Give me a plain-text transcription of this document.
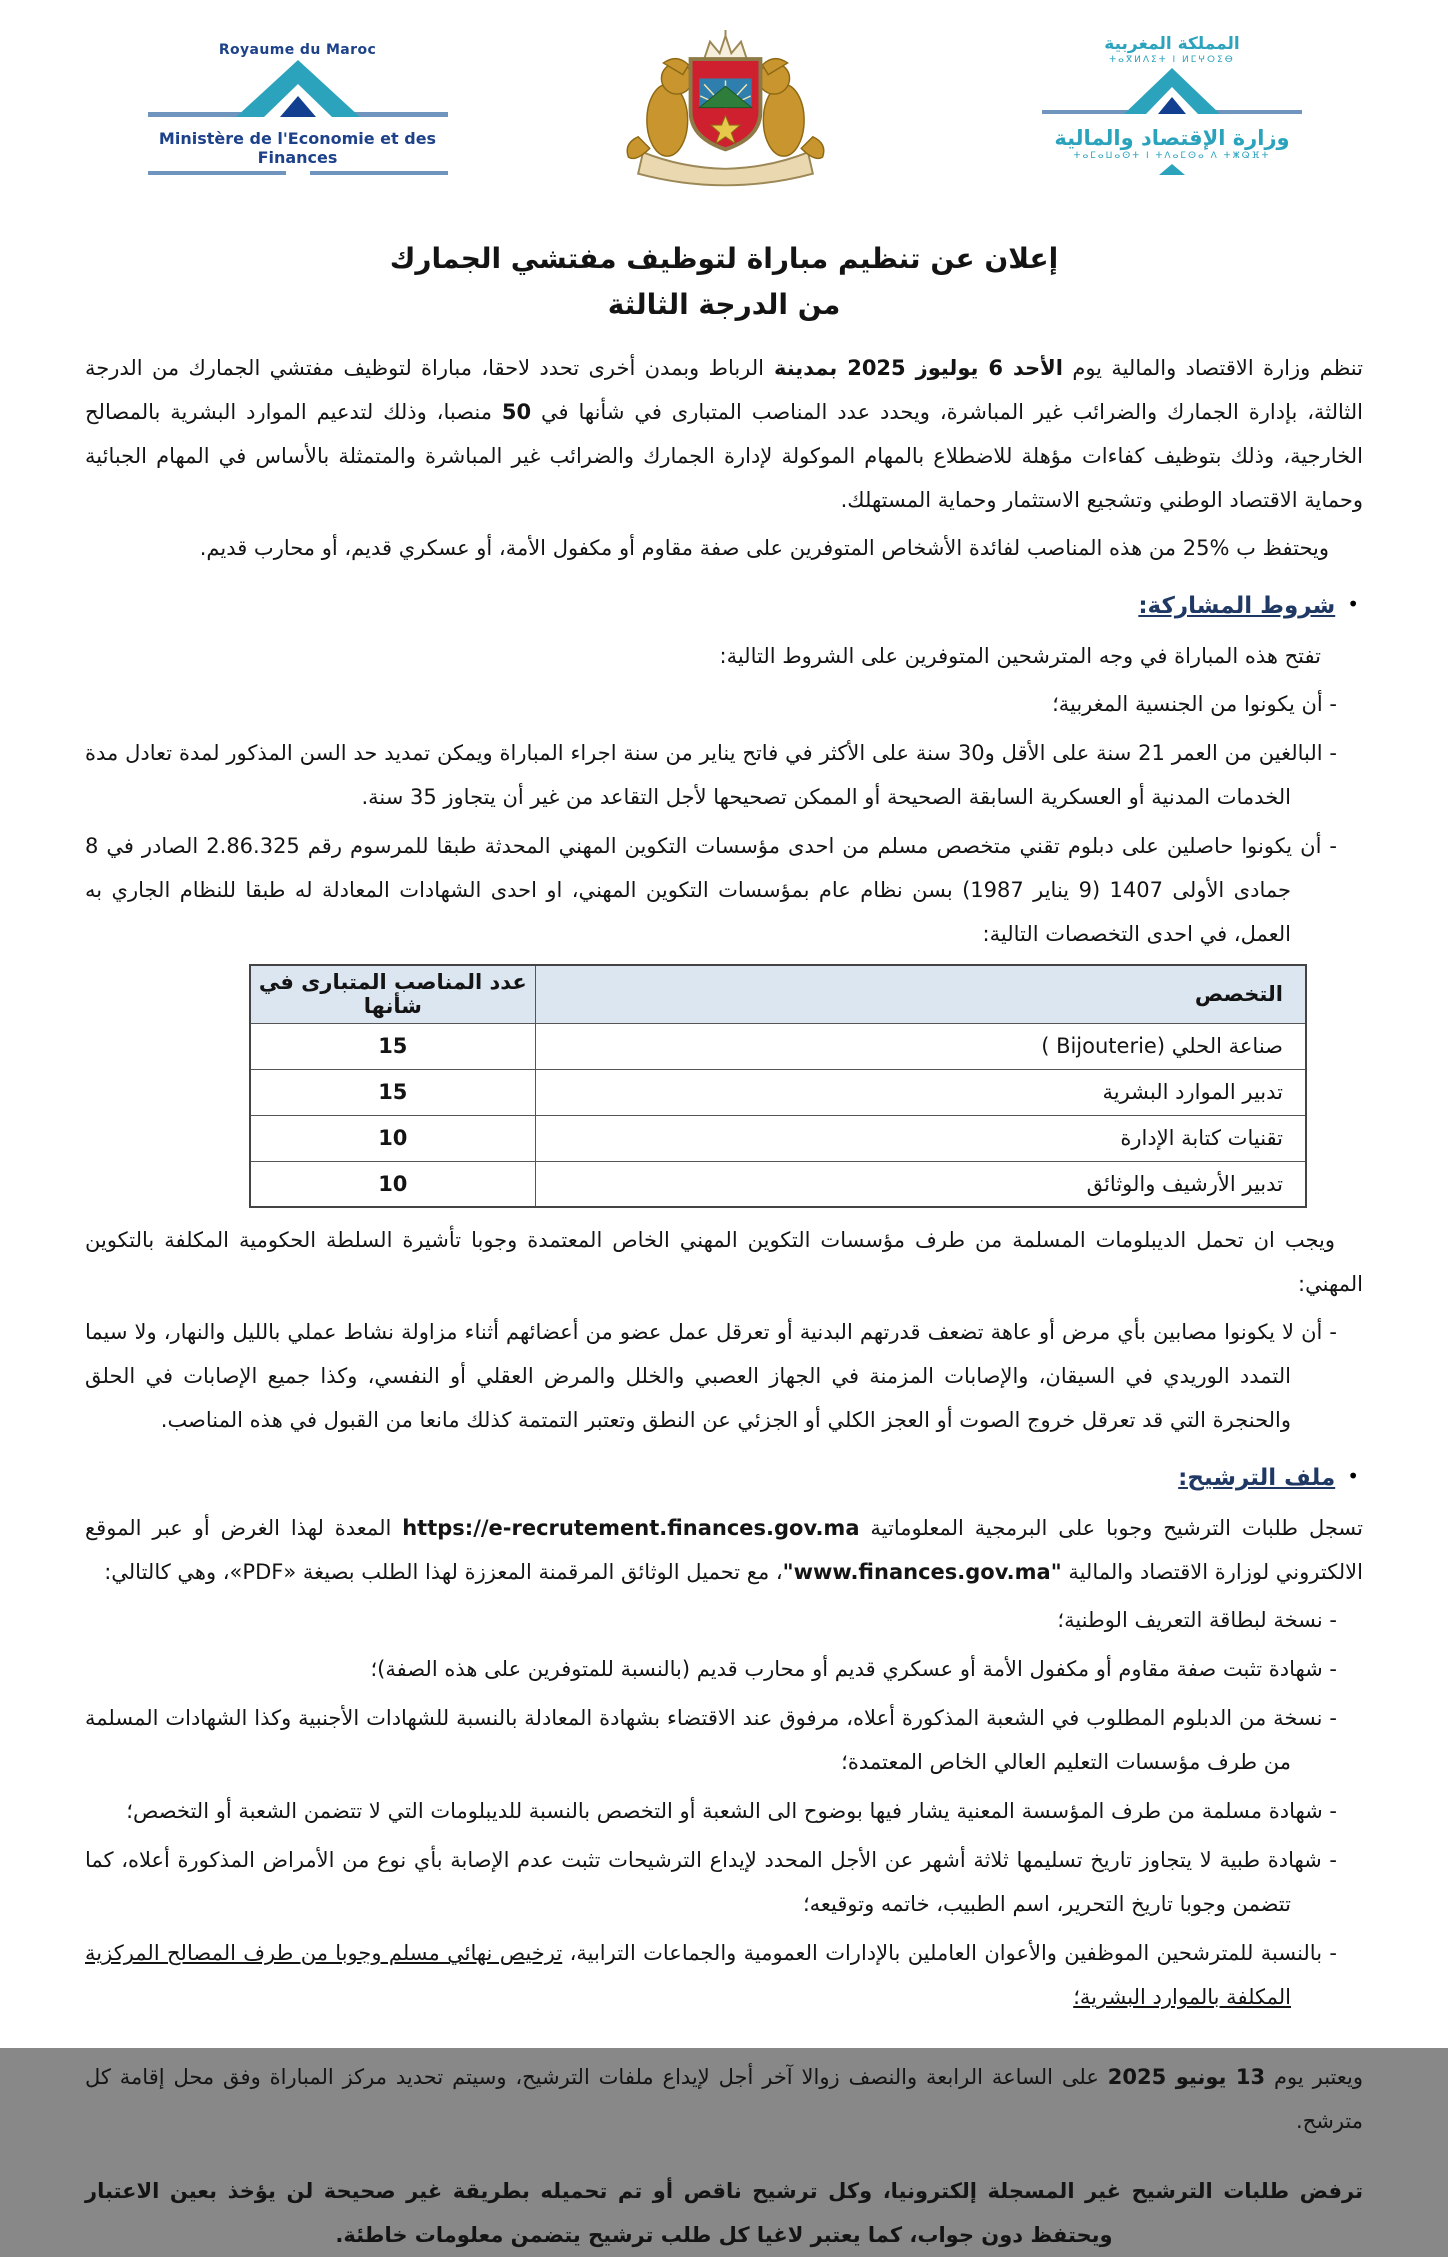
Royaume du Maroc
Ministère de l'Economie et des Finances
المملكة المغربية
ⵜⴰⴳⵍⴷⵉⵜ ⵏ ⵍⵎⵖⵔⵉⴱ
وزارة الإقتصاد والمالية
ⵜⴰⵎⴰⵡⴰⵙⵜ ⵏ ⵜⴷⴰⵎⵙⴰ ⴷ ⵜⵥⵕⴼⵜ
إعلان عن تنظيم مباراة لتوظيف مفتشي الجمارك
من الدرجة الثالثة

تنظم وزارة الاقتصاد والمالية يوم الأحد 6 يوليوز 2025 بمدينة الرباط وبمدن أخرى تحدد لاحقا، مباراة لتوظيف مفتشي الجمارك من الدرجة الثالثة، بإدارة الجمارك والضرائب غير المباشرة، ويحدد عدد المناصب المتبارى في شأنها في 50 منصبا، وذلك لتدعيم الموارد البشرية بالمصالح الخارجية، وذلك بتوظيف كفاءات مؤهلة للاضطلاع بالمهام الموكولة لإدارة الجمارك والضرائب غير المباشرة والمتمثلة بالأساس في المهام الجبائية وحماية الاقتصاد الوطني وتشجيع الاستثمار وحماية المستهلك.

ويحتفظ ب %25 من هذه المناصب لفائدة الأشخاص المتوفرين على صفة مقاوم أو مكفول الأمة، أو عسكري قديم، أو محارب قديم.

•شروط المشاركة:

تفتح هذه المباراة في وجه المترشحين المتوفرين على الشروط التالية:

- أن يكونوا من الجنسية المغربية؛

- البالغين من العمر 21 سنة على الأقل و30 سنة على الأكثر في فاتح يناير من سنة اجراء المباراة ويمكن تمديد حد السن المذكور لمدة تعادل مدة الخدمات المدنية أو العسكرية السابقة الصحيحة أو الممكن تصحيحها لأجل التقاعد من غير أن يتجاوز 35 سنة.

- أن يكونوا حاصلين على دبلوم تقني متخصص مسلم من احدى مؤسسات التكوين المهني المحدثة طبقا للمرسوم رقم 2.86.325 الصادر في 8 جمادى الأولى 1407 (9 يناير 1987) بسن نظام عام بمؤسسات التكوين المهني، او احدى الشهادات المعادلة له طبقا للنظام الجاري به العمل، في احدى التخصصات التالية:

التخصص	عدد المناصب المتبارى في شأنها
صناعة الحلي (Bijouterie )	15
تدبير الموارد البشرية	15
تقنيات كتابة الإدارة	10
تدبير الأرشيف والوثائق	10

ويجب ان تحمل الديبلومات المسلمة من طرف مؤسسات التكوين المهني الخاص المعتمدة وجوبا تأشيرة السلطة الحكومية المكلفة بالتكوين المهني:

- أن لا يكونوا مصابين بأي مرض أو عاهة تضعف قدرتهم البدنية أو تعرقل عمل عضو من أعضائهم أثناء مزاولة نشاط عملي بالليل والنهار، ولا سيما التمدد الوريدي في السيقان، والإصابات المزمنة في الجهاز العصبي والخلل والمرض العقلي أو النفسي، وكذا جميع الإصابات في الحلق والحنجرة التي قد تعرقل خروج الصوت أو العجز الكلي أو الجزئي عن النطق وتعتبر التمتمة كذلك مانعا من القبول في هذه المناصب.

•ملف الترشيح:

تسجل طلبات الترشيح وجوبا على البرمجية المعلوماتية https://e-recrutement.finances.gov.ma المعدة لهذا الغرض أو عبر الموقع الالكتروني لوزارة الاقتصاد والمالية "www.finances.gov.ma"، مع تحميل الوثائق المرقمنة المعززة لهذا الطلب بصيغة «PDF»، وهي كالتالي:

- نسخة لبطاقة التعريف الوطنية؛

- شهادة تثبت صفة مقاوم أو مكفول الأمة أو عسكري قديم أو محارب قديم (بالنسبة للمتوفرين على هذه الصفة)؛

- نسخة من الدبلوم المطلوب في الشعبة المذكورة أعلاه، مرفوق عند الاقتضاء بشهادة المعادلة بالنسبة للشهادات الأجنبية وكذا الشهادات المسلمة من طرف مؤسسات التعليم العالي الخاص المعتمدة؛

- شهادة مسلمة من طرف المؤسسة المعنية يشار فيها بوضوح الى الشعبة أو التخصص بالنسبة للديبلومات التي لا تتضمن الشعبة أو التخصص؛

- شهادة طبية لا يتجاوز تاريخ تسليمها ثلاثة أشهر عن الأجل المحدد لإيداع الترشيحات تثبت عدم الإصابة بأي نوع من الأمراض المذكورة أعلاه، كما تتضمن وجوبا تاريخ التحرير، اسم الطبيب، خاتمه وتوقيعه؛

- بالنسبة للمترشحين الموظفين والأعوان العاملين بالإدارات العمومية والجماعات الترابية، ترخيص نهائي مسلم وجوبا من طرف المصالح المركزية المكلفة بالموارد البشرية؛

ويعتبر يوم 13 يونيو 2025 على الساعة الرابعة والنصف زوالا آخر أجل لإيداع ملفات الترشيح، وسيتم تحديد مركز المباراة وفق محل إقامة كل مترشح.

ترفض طلبات الترشيح غير المسجلة إلكترونيا، وكل ترشيح ناقص أو تم تحميله بطريقة غير صحيحة لن يؤخذ بعين الاعتبار ويحتفظ دون جواب، كما يعتبر لاغيا كل طلب ترشيح يتضمن معلومات خاطئة.
